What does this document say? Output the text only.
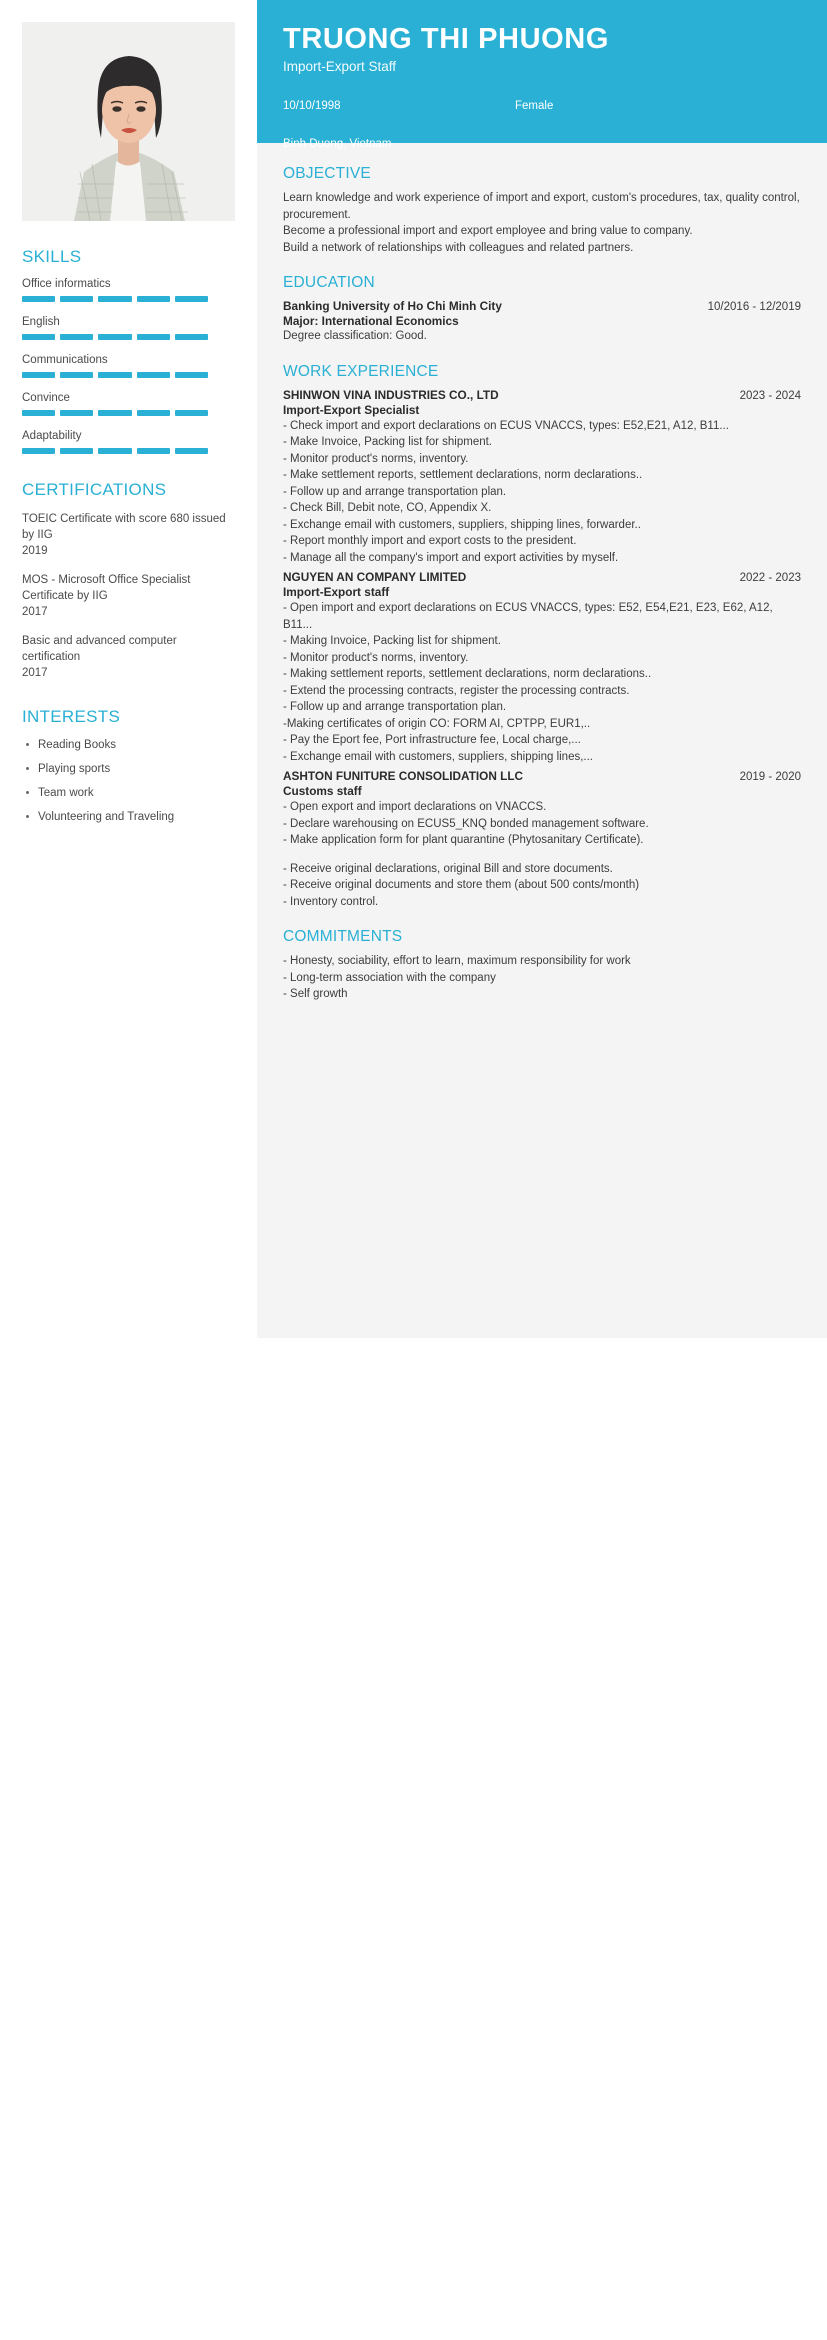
SKILLS
Office informatics
English
Communications
Convince
Adaptability
CERTIFICATIONS
TOEIC Certificate with score 680 issued by IIG
2019
MOS - Microsoft Office Specialist Certificate by IIG
2017
Basic and advanced computer certification
2017
INTERESTS
Reading Books
Playing sports
Team work
Volunteering and Traveling
TRUONG THI PHUONG
Import-Export Staff
10/10/1998	Female
Binh Duong, Vietnam
OBJECTIVE
Learn knowledge and work experience of import and export, custom's procedures, tax, quality control, procurement.
Become a professional import and export employee and bring value to company.
Build a network of relationships with colleagues and related partners.
EDUCATION
Banking University of Ho Chi Minh City	10/2016 - 12/2019
Major: International Economics
Degree classification: Good.
WORK EXPERIENCE
SHINWON VINA INDUSTRIES CO., LTD	2023 - 2024
Import-Export Specialist
- Check import and export declarations on ECUS VNACCS, types: E52,E21, A12, B11...
- Make Invoice, Packing list for shipment.
- Monitor product's norms, inventory.
- Make settlement reports, settlement declarations, norm declarations..
- Follow up and arrange transportation plan.
- Check Bill, Debit note, CO, Appendix X.
- Exchange email with customers, suppliers, shipping lines, forwarder..
- Report monthly import and export costs to the president.
- Manage all the company's import and export activities by myself.
NGUYEN AN COMPANY LIMITED	2022 - 2023
Import-Export staff
- Open import and export declarations on ECUS VNACCS, types: E52, E54,E21, E23, E62, A12, B11...
- Making Invoice, Packing list for shipment.
- Monitor product's norms, inventory.
- Making settlement reports, settlement declarations, norm declarations..
- Extend the processing contracts, register the processing contracts.
- Follow up and arrange transportation plan.
-Making certificates of origin CO: FORM AI, CPTPP, EUR1,..
- Pay the Eport fee, Port infrastructure fee, Local charge,...
- Exchange email with customers, suppliers, shipping lines,...
ASHTON FUNITURE CONSOLIDATION LLC	2019 - 2020
Customs staff
- Open export and import declarations on VNACCS.
- Declare warehousing on ECUS5_KNQ bonded management software.
- Make application form for plant quarantine (Phytosanitary Certificate).
- Receive original declarations, original Bill and store documents.
- Receive original documents and store them (about 500 conts/month)
- Inventory control.
COMMITMENTS
- Honesty, sociability, effort to learn, maximum responsibility for work
- Long-term association with the company
- Self growth
